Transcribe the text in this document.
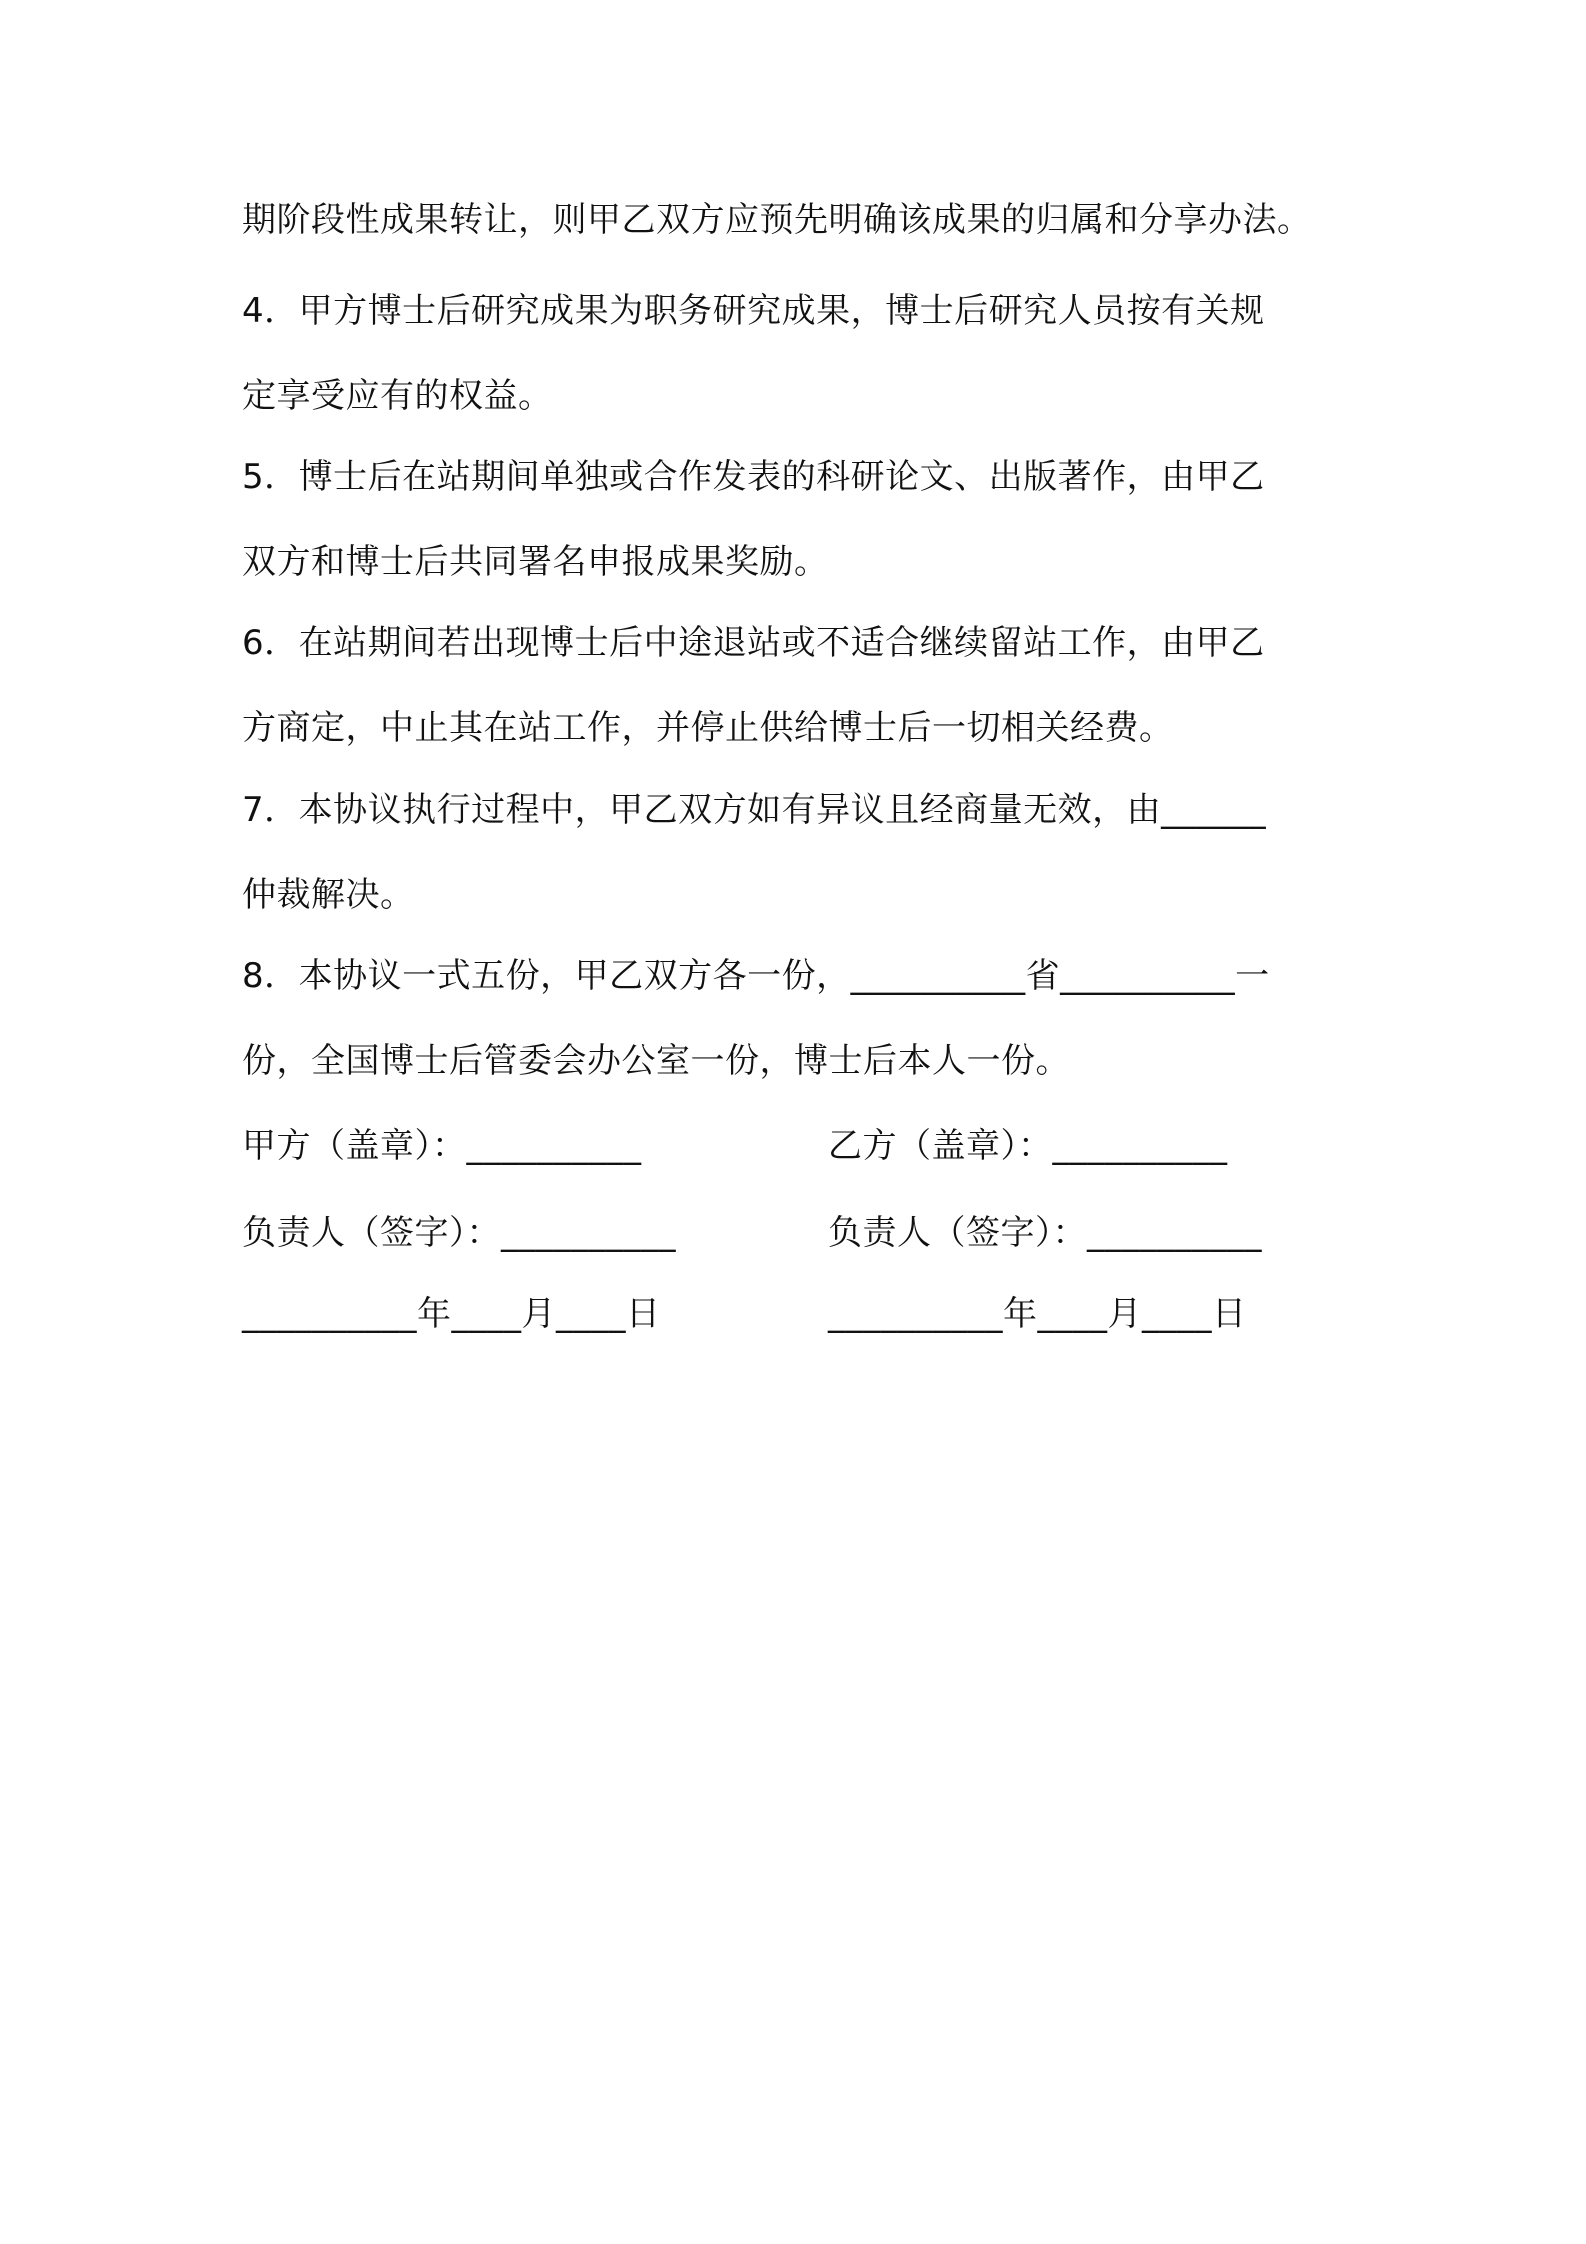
期阶段性成果转让，则甲乙双方应预先明确该成果的归属和分享办法。
4．甲方博士后研究成果为职务研究成果，博士后研究人员按有关规
定享受应有的权益。
5．博士后在站期间单独或合作发表的科研论文、出版著作，由甲乙
双方和博士后共同署名申报成果奖励。
6．在站期间若出现博士后中途退站或不适合继续留站工作，由甲乙
方商定，中止其在站工作，并停止供给博士后一切相关经费。
7．本协议执行过程中，甲乙双方如有异议且经商量无效，由______
仲裁解决。
8．本协议一式五份，甲乙双方各一份，__________省__________一
份，全国博士后管委会办公室一份，博士后本人一份。
甲方（盖章）：__________	乙方（盖章）：__________
负责人（签字）：__________	负责人（签字）：__________
__________年____月____日	__________年____月____日
